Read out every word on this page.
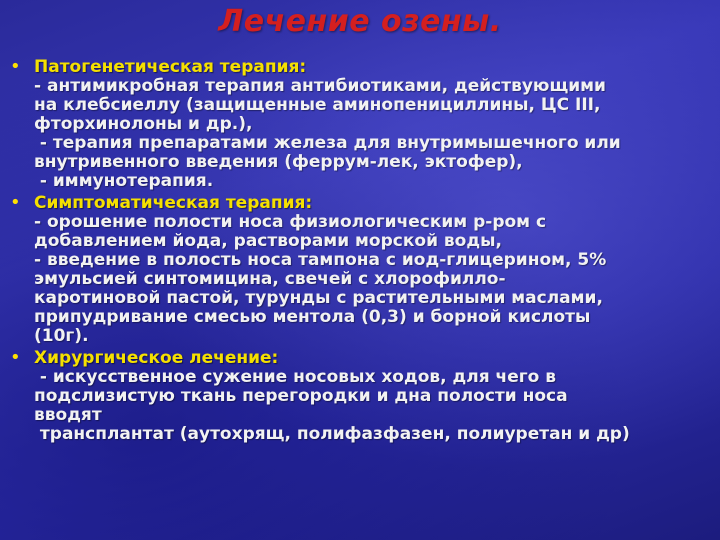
Лечение озены.
• Патогенетическая терапия:
- антимикробная терапия антибиотиками, действующими
на клебсиеллу (защищенные аминопенициллины, ЦС III,
фторхинолоны и др.),
- терапия препаратами железа для внутримышечного или
внутривенного введения (феррум-лек, эктофер),
- иммунотерапия.
• Симптоматическая терапия:
- орошение полости носа физиологическим р-ром с
добавлением йода, растворами морской воды,
- введение в полость носа тампона с иод-глицерином, 5%
эмульсией синтомицина, свечей с хлорофилло-
каротиновой пастой, турунды с растительными маслами,
припудривание смесью ментола (0,3) и борной кислоты
(10г).
• Хирургическое лечение:
- искусственное сужение носовых ходов, для чего в
подслизистую ткань перегородки и дна полости носа
вводят
трансплантат (аутохрящ, полифазфазен, полиуретан и др)
